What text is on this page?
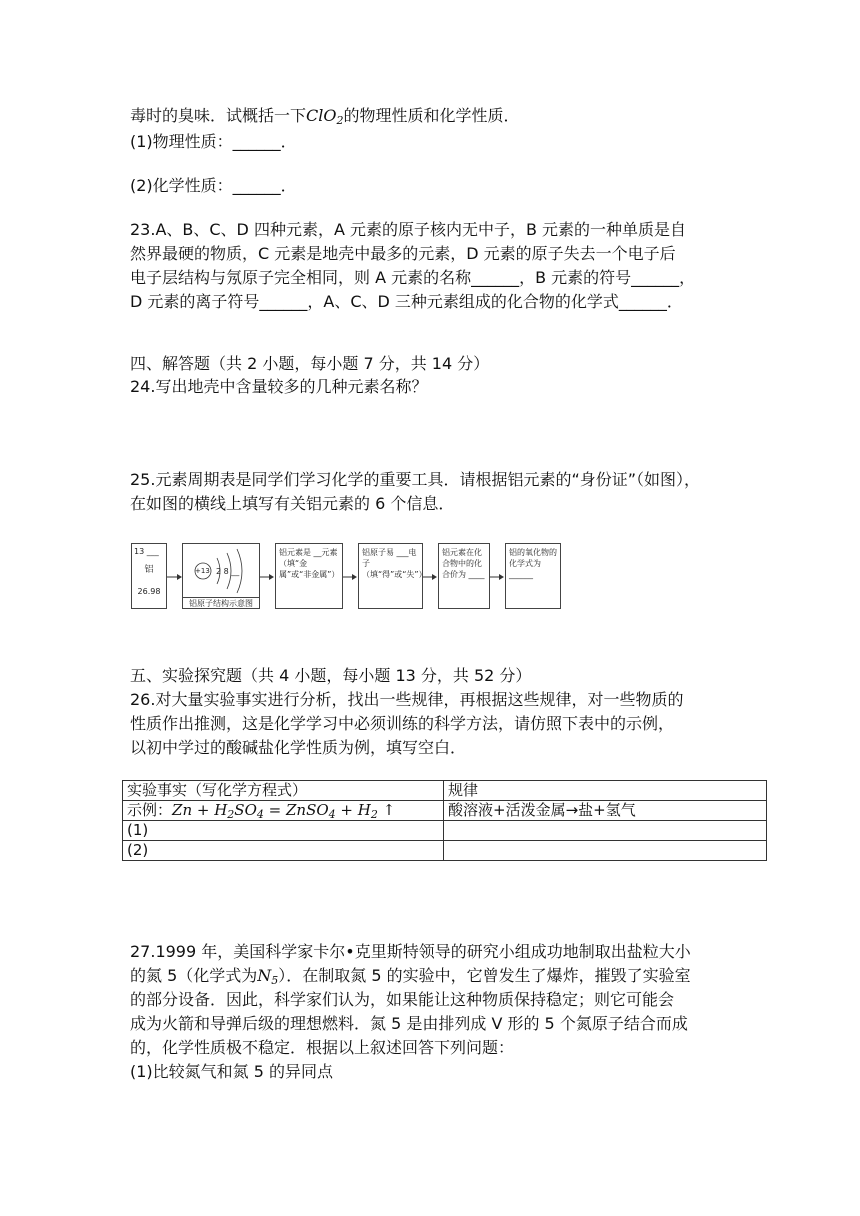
毒时的臭味．试概括一下ClO$_2$的物理性质和化学性质．
(1)物理性质：______．
(2)化学性质：______．
23.A、B、C、D 四种元素，A 元素的原子核内无中子，B 元素的一种单质是自
然界最硬的物质，C 元素是地壳中最多的元素，D 元素的原子失去一个电子后
电子层结构与氖原子完全相同，则 A 元素的名称______，B 元素的符号______，
D 元素的离子符号______，A、C、D 三种元素组成的化合物的化学式______．
四、解答题（共 2 小题，每小题 7 分，共 14 分）
24.写出地壳中含量较多的几种元素名称？
25.元素周期表是同学们学习化学的重要工具．请根据铝元素的“身份证”（如图），
在如图的横线上填写有关铝元素的 6 个信息．
13 ___
铝
26.98
+13 2 8 __
铝原子结构示意图
铝元素是 __元素（填“金属”或“非金属”）
铝原子易 ___电子（填“得”或“失”）
铝元素在化合物中的化合价为 ____
铝的氧化物的化学式为 ______
五、实验探究题（共 4 小题，每小题 13 分，共 52 分）
26.对大量实验事实进行分析，找出一些规律，再根据这些规律，对一些物质的
性质作出推测，这是化学学习中必须训练的科学方法，请仿照下表中的示例，
以初中学过的酸碱盐化学性质为例，填写空白．
实验事实（写化学方程式）	规律
示例：$Zn + H_2SO_4$ = ZnSO$_4$ + $H_2$ ↑	酸溶液+活泼金属→盐+氢气
(1)	
(2)	
27.1999 年，美国科学家卡尔•克里斯特领导的研究小组成功地制取出盐粒大小
的氮 5（化学式为$N_5$）．在制取氮 5 的实验中，它曾发生了爆炸，摧毁了实验室
的部分设备．因此，科学家们认为，如果能让这种物质保持稳定；则它可能会
成为火箭和导弹后级的理想燃料．氮 5 是由排列成 V 形的 5 个氮原子结合而成
的，化学性质极不稳定．根据以上叙述回答下列问题：
(1)比较氮气和氮 5 的异同点
